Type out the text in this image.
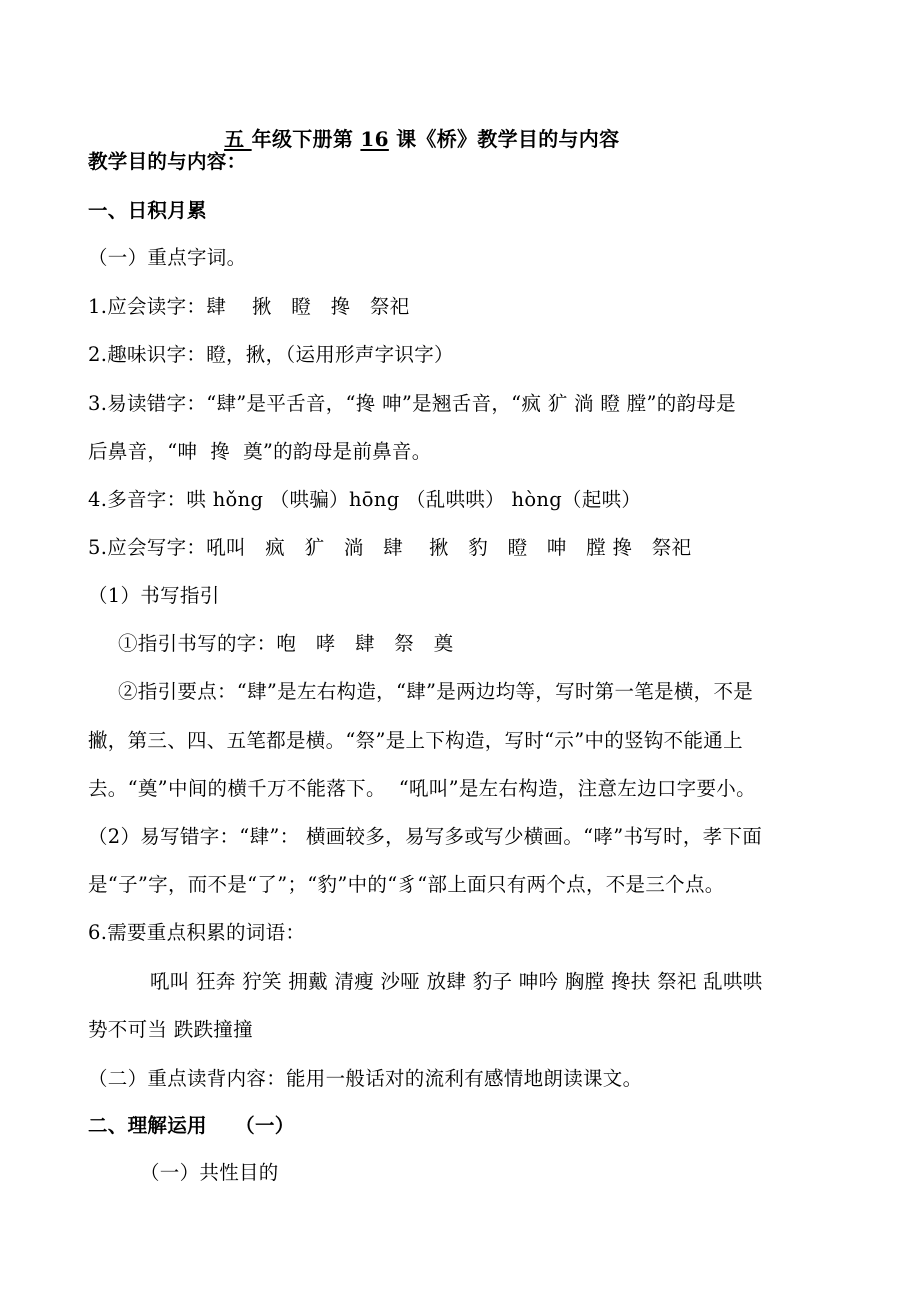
五 年级下册第 16 课《桥》教学目的与内容

教学目的与内容：
一、日积月累
（一）重点字词。
1.应会读字：肆    揪   瞪   搀   祭祀
2.趣味识字：瞪，揪，（运用形声字识字）
3.易读错字：“肆”是平舌音，“搀 呻”是翘舌音，“疯 犷 淌 瞪 膛”的韵母是
后鼻音，“呻  搀  奠”的韵母是前鼻音。
4.多音字：哄 hǒng （哄骗）hōng （乱哄哄） hòng（起哄）
5.应会写字：吼叫   疯   犷   淌   肆    揪   豹   瞪   呻   膛 搀   祭祀
（1）书写指引
①指引书写的字：咆   哮   肆   祭   奠
②指引要点：“肆”是左右构造，“肆”是两边均等，写时第一笔是横，不是
撇，第三、四、五笔都是横。“祭”是上下构造，写时“示”中的竖钩不能通上
去。“奠”中间的横千万不能落下。  “吼叫”是左右构造，注意左边口字要小。
（2）易写错字：“肆”： 横画较多，易写多或写少横画。“哮”书写时，孝下面
是“子”字，而不是“了”；“豹”中的“豸“部上面只有两个点，不是三个点。
6.需要重点积累的词语：
吼叫 狂奔 狞笑 拥戴 清瘦 沙哑 放肆 豹子 呻吟 胸膛 搀扶 祭祀 乱哄哄
势不可当 跌跌撞撞
（二）重点读背内容：能用一般话对的流利有感情地朗读课文。
二、理解运用    （一）
（一）共性目的
